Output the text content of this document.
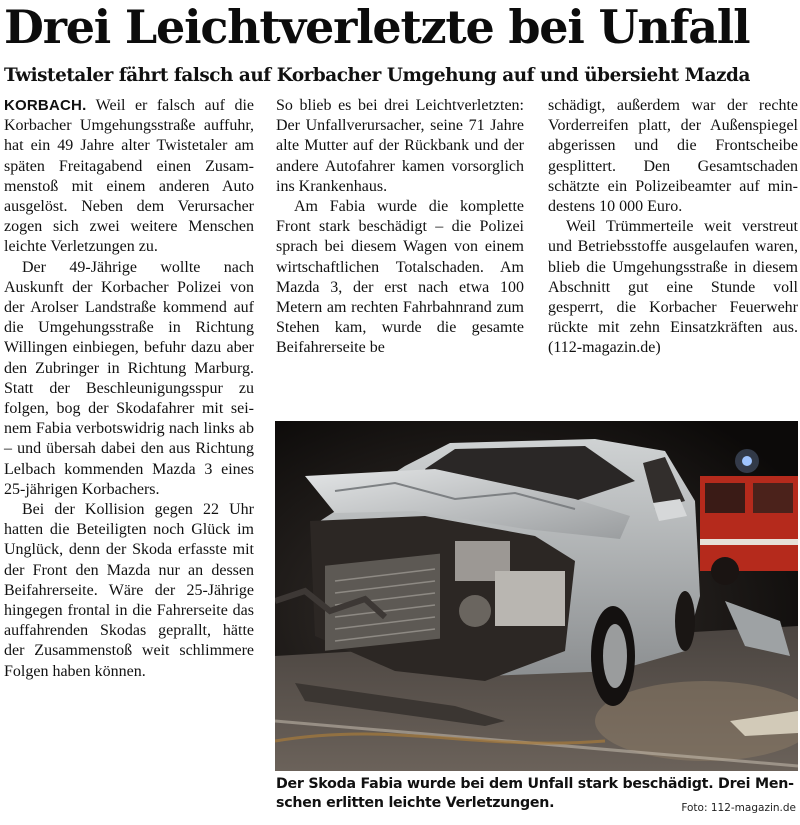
Drei Leichtverletzte bei Unfall
Twistetaler fährt falsch auf Korbacher Umgehung auf und übersieht Mazda

KORBACH. Weil er falsch auf die Korbacher Umgehungsstraße auffuhr, hat ein 49 Jahre alter Twistetaler am späten Freitagabend einen Zusammenstoß mit einem anderen Auto ausgelöst. Neben dem Verursacher zogen sich zwei weitere Menschen leichte Verletzungen zu.

Der 49-Jährige wollte nach Auskunft der Korbacher Polizei von der Arolser Landstraße kommend auf die Umgehungsstraße in Richtung Willingen einbiegen, befuhr dazu aber den Zubringer in Richtung Marburg. Statt der Beschleunigungsspur zu folgen, bog der Skodafahrer mit seinem Fabia verbotswidrig nach links ab – und übersah dabei den aus Richtung Lelbach kommenden Mazda 3 eines 25-jährigen Korbachers.

Bei der Kollision gegen 22 Uhr hatten die Beteiligten noch Glück im Unglück, denn der Skoda erfasste mit der Front den Mazda nur an dessen Beifahrerseite. Wäre der 25-Jährige hingegen frontal in die Fahrerseite das auffahrenden Skodas geprallt, hätte der Zusammenstoß weit schlimmere Folgen haben können.

So blieb es bei drei Leichtverletzten: Der Unfallverursacher, seine 71 Jahre alte Mutter auf der Rückbank und der andere Autofahrer kamen vorsorglich ins Krankenhaus.

Am Fabia wurde die komplette Front stark beschädigt – die Polizei sprach bei diesem Wagen von einem wirtschaftlichen Totalschaden. Am Mazda 3, der erst nach etwa 100 Metern am rechten Fahrbahnrand zum Stehen kam, wurde die gesamte Beifahrerseite be

schädigt, außerdem war der rechte Vorderreifen platt, der Außenspiegel abgerissen und die Frontscheibe gesplittert. Den Gesamtschaden schätzte ein Polizeibeamter auf mindestens 10 000 Euro.

Weil Trümmerteile weit verstreut und Betriebsstoffe ausgelaufen waren, blieb die Umgehungsstraße in diesem Abschnitt gut eine Stunde voll gesperrt, die Korbacher Feuerwehr rückte mit zehn Einsatzkräften aus. (112-magazin.de)

Der Skoda Fabia wurde bei dem Unfall stark beschädigt. Drei Menschen erlitten leichte Verletzungen.	Foto: 112-magazin.de
